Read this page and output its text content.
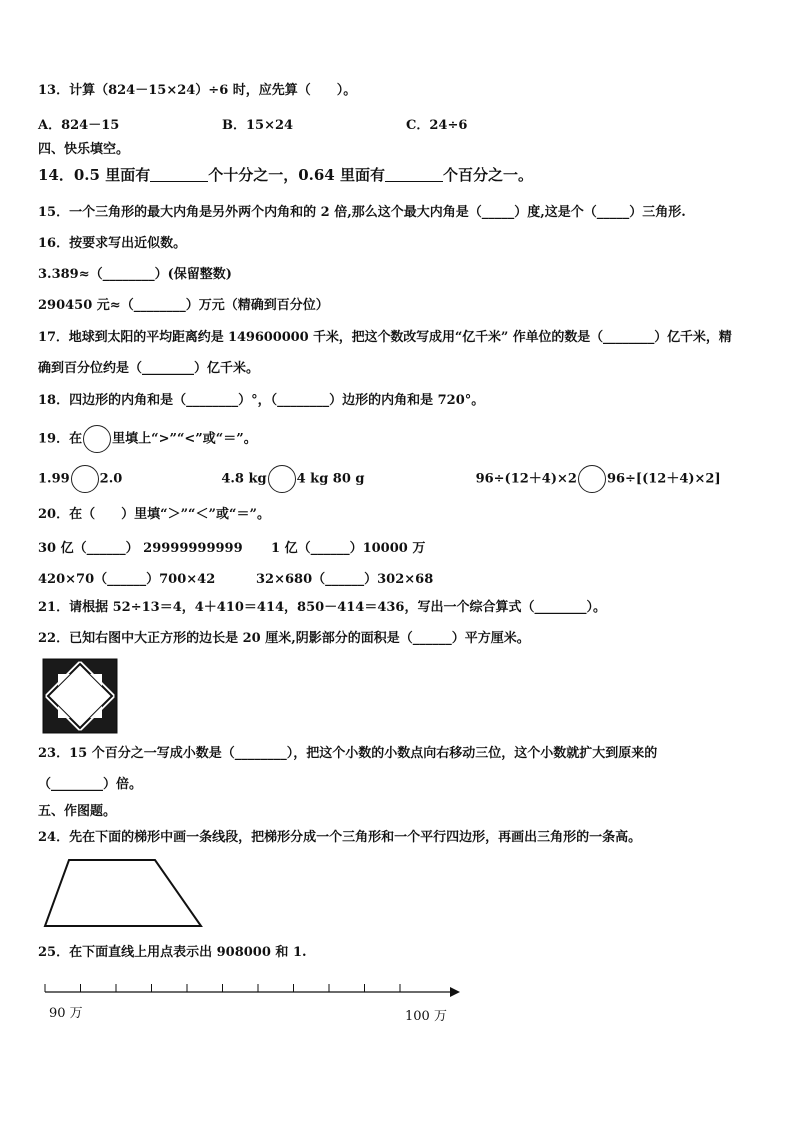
13．计算（824－15×24）÷6 时，应先算（　　）。
A．824－15	B．15×24	C．24÷6
四、快乐填空。
14．0.5 里面有	个十分之一，0.64 里面有	个百分之一。
15．一个三角形的最大内角是另外两个内角和的 2 倍,那么这个最大内角是（_____）度,这是个（_____）三角形.
16．按要求写出近似数。
3.389≈（________）(保留整数)
290450 元≈（________）万元（精确到百分位）
17．地球到太阳的平均距离约是 149600000 千米，把这个数改写成用“亿千米” 作单位的数是（________）亿千米，精
确到百分位约是（________）亿千米。
18．四边形的内角和是（________）°，（________）边形的内角和是 720°。
19．在 里填上“>”“<”或“＝”。
1.99 2.0	4.8 kg 4 kg 80 g	96÷(12＋4)×2 96÷[(12＋4)×2]
20．在（　　）里填“＞”“＜”或“＝”。
30 亿（______） 29999999999 1 亿（______）10000 万
420×70（______）700×42	32×680（______）302×68
21．请根据 52÷13＝4，4＋410＝414，850－414＝436，写出一个综合算式（________）。
22．已知右图中大正方形的边长是 20 厘米,阴影部分的面积是（______）平方厘米。
23．15 个百分之一写成小数是（________），把这个小数的小数点向右移动三位，这个小数就扩大到原来的
（________）倍。
五、作图题。
24．先在下面的梯形中画一条线段，把梯形分成一个三角形和一个平行四边形，再画出三角形的一条高。
25．在下面直线上用点表示出 908000 和 1.
90 万	100 万
